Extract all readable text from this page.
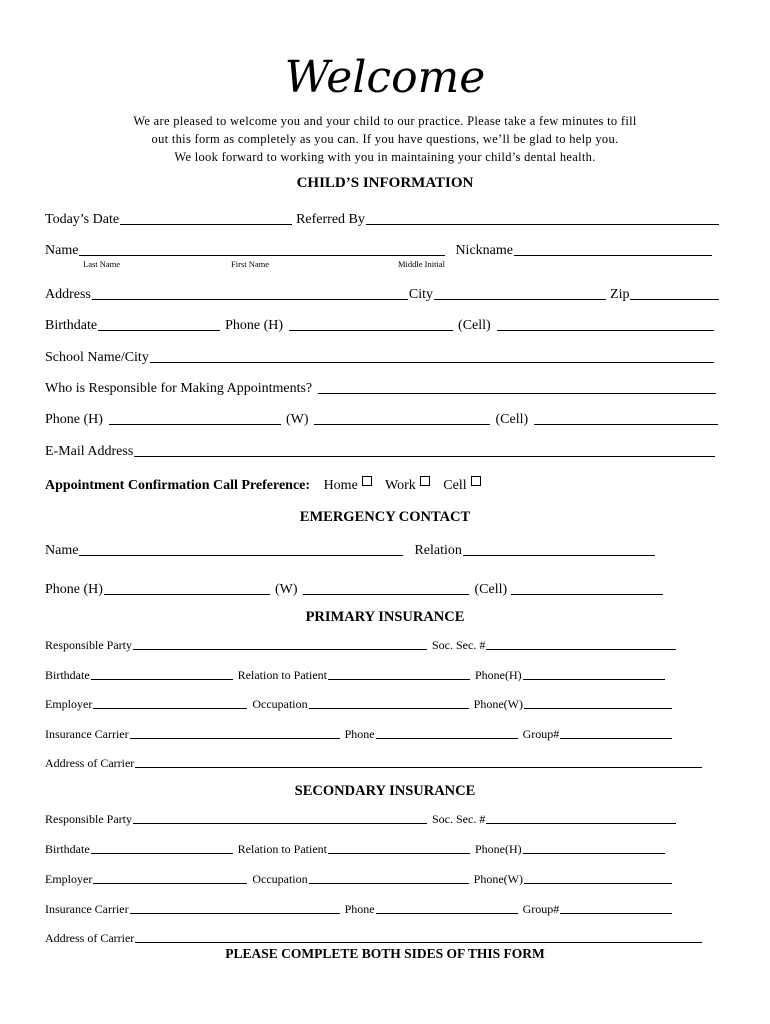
Welcome
We are pleased to welcome you and your child to our practice. Please take a few minutes to fill
out this form as completely as you can. If you have questions, we’ll be glad to help you.
We look forward to working with you in maintaining your child’s dental health.
CHILD’S INFORMATION
Today’s Date	Referred By
Name	Nickname
Last Name	First Name	Middle Initial
Address	City	Zip
Birthdate	Phone (H)	(Cell)
School Name/City
Who is Responsible for Making Appointments?
Phone (H)	(W)	(Cell)
E-Mail Address
Appointment Confirmation Call Preference: Home Work Cell
EMERGENCY CONTACT
Name	Relation
Phone (H)	(W)	(Cell)
PRIMARY INSURANCE
Responsible Party	Soc. Sec. #
Birthdate	Relation to Patient	Phone(H)
Employer	Occupation	Phone(W)
Insurance Carrier	Phone	Group#
Address of Carrier
SECONDARY INSURANCE
Responsible Party	Soc. Sec. #
Birthdate	Relation to Patient	Phone(H)
Employer	Occupation	Phone(W)
Insurance Carrier	Phone	Group#
Address of Carrier
PLEASE COMPLETE BOTH SIDES OF THIS FORM
